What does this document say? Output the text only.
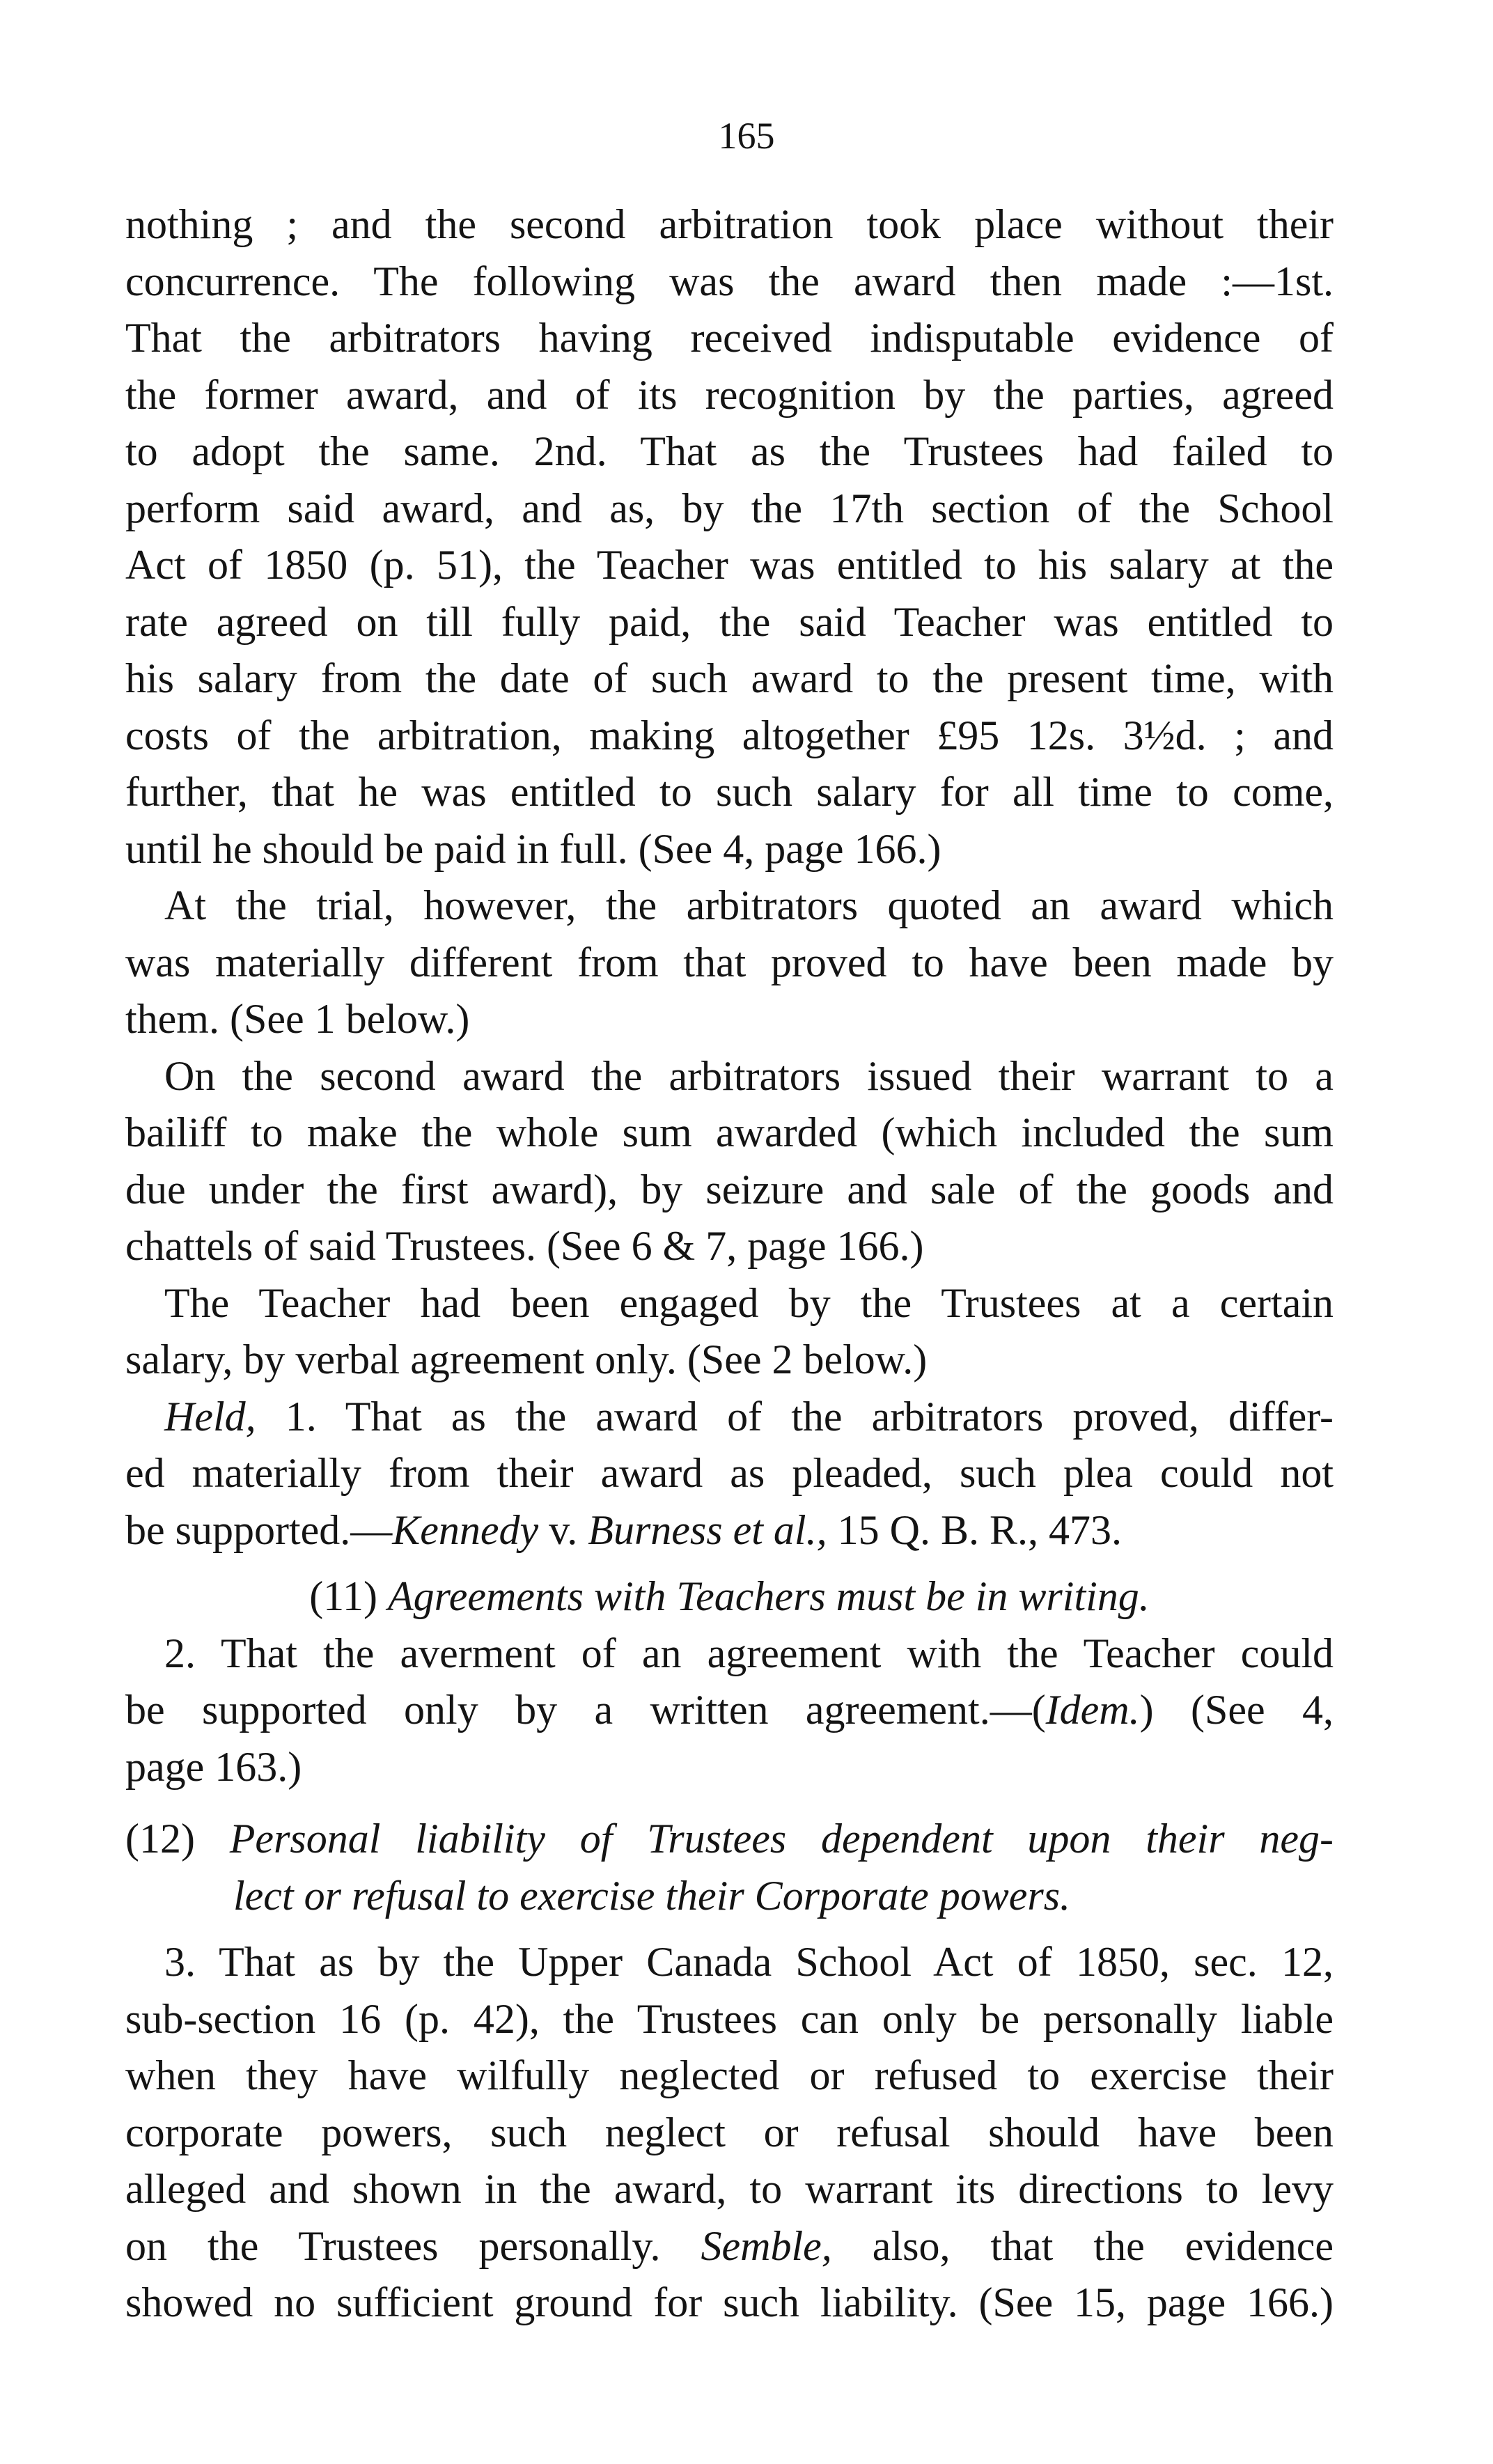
165
nothing ; and the second arbitration took place without their
concurrence. The following was the award then made :—1st.
That the arbitrators having received indisputable evidence of
the former award, and of its recognition by the parties, agreed
to adopt the same. 2nd. That as the Trustees had failed to
perform said award, and as, by the 17th section of the School
Act of 1850 (p. 51), the Teacher was entitled to his salary at the
rate agreed on till fully paid, the said Teacher was entitled to
his salary from the date of such award to the present time, with
costs of the arbitration, making altogether £95 12s. 3½d. ; and
further, that he was entitled to such salary for all time to come,
until he should be paid in full. (See 4, page 166.)
At the trial, however, the arbitrators quoted an award which
was materially different from that proved to have been made by
them. (See 1 below.)
On the second award the arbitrators issued their warrant to a
bailiff to make the whole sum awarded (which included the sum
due under the first award), by seizure and sale of the goods and
chattels of said Trustees. (See 6 & 7, page 166.)
The Teacher had been engaged by the Trustees at a certain
salary, by verbal agreement only. (See 2 below.)
Held, 1. That as the award of the arbitrators proved, differ-
ed materially from their award as pleaded, such plea could not
be supported.—Kennedy v. Burness et al., 15 Q. B. R., 473.
(11) Agreements with Teachers must be in writing.
2. That the averment of an agreement with the Teacher could
be supported only by a written agreement.—(Idem.) (See 4,
page 163.)
(12) Personal liability of Trustees dependent upon their neg-
lect or refusal to exercise their Corporate powers.
3. That as by the Upper Canada School Act of 1850, sec. 12,
sub-section 16 (p. 42), the Trustees can only be personally liable
when they have wilfully neglected or refused to exercise their
corporate powers, such neglect or refusal should have been
alleged and shown in the award, to warrant its directions to levy
on the Trustees personally. Semble, also, that the evidence
showed no sufficient ground for such liability. (See 15, page 166.)
